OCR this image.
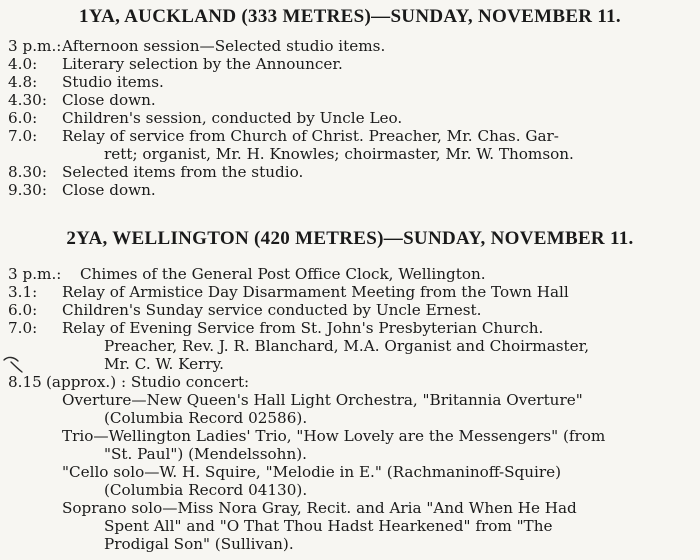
1YA, AUCKLAND (333 METRES)—SUNDAY, NOVEMBER 11.
3 p.m.: Afternoon session—Selected studio items.
4.0: Literary selection by the Announcer.
4.8: Studio items.
4.30: Close down.
6.0: Children's session, conducted by Uncle Leo.
7.0: Relay of service from Church of Christ. Preacher, Mr. Chas. Gar-
rett; organist, Mr. H. Knowles; choirmaster, Mr. W. Thomson.
8.30: Selected items from the studio.
9.30: Close down.
2YA, WELLINGTON (420 METRES)—SUNDAY, NOVEMBER 11.
3 p.m.: Chimes of the General Post Office Clock, Wellington.
3.1: Relay of Armistice Day Disarmament Meeting from the Town Hall
6.0: Children's Sunday service conducted by Uncle Ernest.
7.0: Relay of Evening Service from St. John's Presbyterian Church.
Preacher, Rev. J. R. Blanchard, M.A. Organist and Choirmaster,
Mr. C. W. Kerry.
8.15 (approx.) : Studio concert:
Overture—New Queen's Hall Light Orchestra, "Britannia Overture"
(Columbia Record 02586).
Trio—Wellington Ladies' Trio, "How Lovely are the Messengers" (from
"St. Paul") (Mendelssohn).
"Cello solo—W. H. Squire, "Melodie in E." (Rachmaninoff-Squire)
(Columbia Record 04130).
Soprano solo—Miss Nora Gray, Recit. and Aria "And When He Had
Spent All" and "O That Thou Hadst Hearkened" from "The
Prodigal Son" (Sullivan).
